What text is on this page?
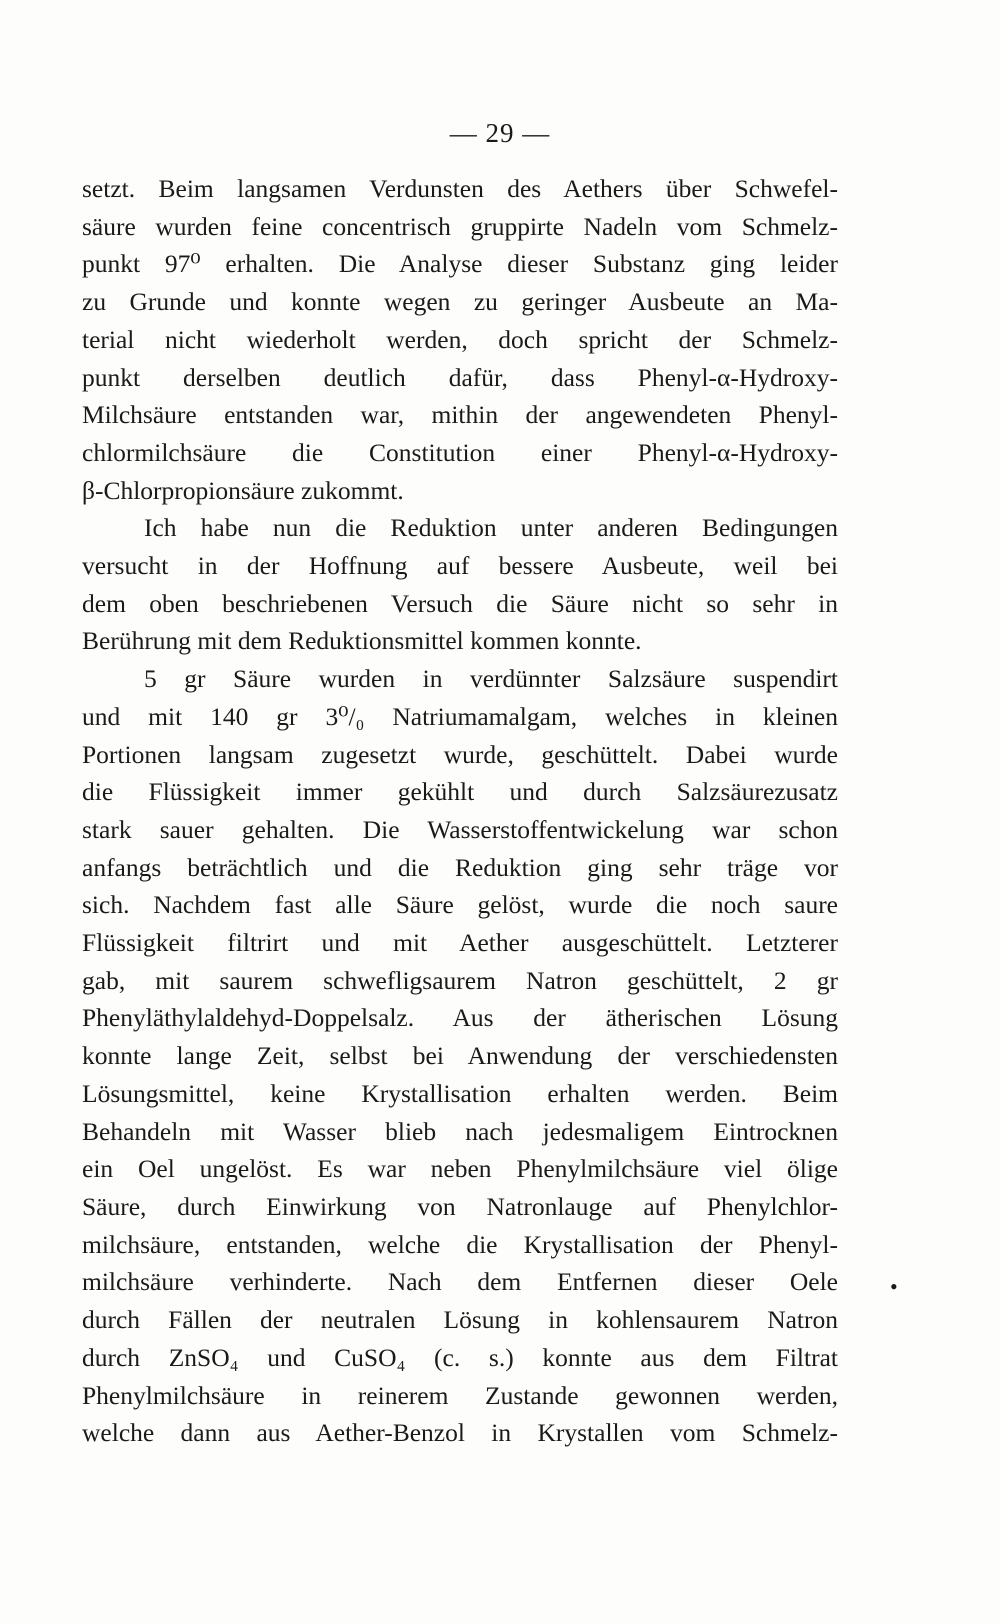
— 29 —
setzt. Beim langsamen Verdunsten des Aethers über Schwefel-
säure wurden feine concentrisch gruppirte Nadeln vom Schmelz-
punkt 97⁰ erhalten. Die Analyse dieser Substanz ging leider
zu Grunde und konnte wegen zu geringer Ausbeute an Ma-
terial nicht wiederholt werden, doch spricht der Schmelz-
punkt derselben deutlich dafür, dass Phenyl-α-Hydroxy-
Milchsäure entstanden war, mithin der angewendeten Phenyl-
chlormilchsäure die Constitution einer Phenyl-α-Hydroxy-
β-Chlorpropionsäure zukommt.
Ich habe nun die Reduktion unter anderen Bedingungen
versucht in der Hoffnung auf bessere Ausbeute, weil bei
dem oben beschriebenen Versuch die Säure nicht so sehr in
Berührung mit dem Reduktionsmittel kommen konnte.
5 gr Säure wurden in verdünnter Salzsäure suspendirt
und mit 140 gr 3⁰/₀ Natriumamalgam, welches in kleinen
Portionen langsam zugesetzt wurde, geschüttelt. Dabei wurde
die Flüssigkeit immer gekühlt und durch Salzsäurezusatz
stark sauer gehalten. Die Wasserstoffentwickelung war schon
anfangs beträchtlich und die Reduktion ging sehr träge vor
sich. Nachdem fast alle Säure gelöst, wurde die noch saure
Flüssigkeit filtrirt und mit Aether ausgeschüttelt. Letzterer
gab, mit saurem schwefligsaurem Natron geschüttelt, 2 gr
Phenyläthylaldehyd-Doppelsalz. Aus der ätherischen Lösung
konnte lange Zeit, selbst bei Anwendung der verschiedensten
Lösungsmittel, keine Krystallisation erhalten werden. Beim
Behandeln mit Wasser blieb nach jedesmaligem Eintrocknen
ein Oel ungelöst. Es war neben Phenylmilchsäure viel ölige
Säure, durch Einwirkung von Natronlauge auf Phenylchlor-
milchsäure, entstanden, welche die Krystallisation der Phenyl-
milchsäure verhinderte. Nach dem Entfernen dieser Oele
durch Fällen der neutralen Lösung in kohlensaurem Natron
durch ZnSO₄ und CuSO₄ (c. s.) konnte aus dem Filtrat
Phenylmilchsäure in reinerem Zustande gewonnen werden,
welche dann aus Aether-Benzol in Krystallen vom Schmelz-
•
